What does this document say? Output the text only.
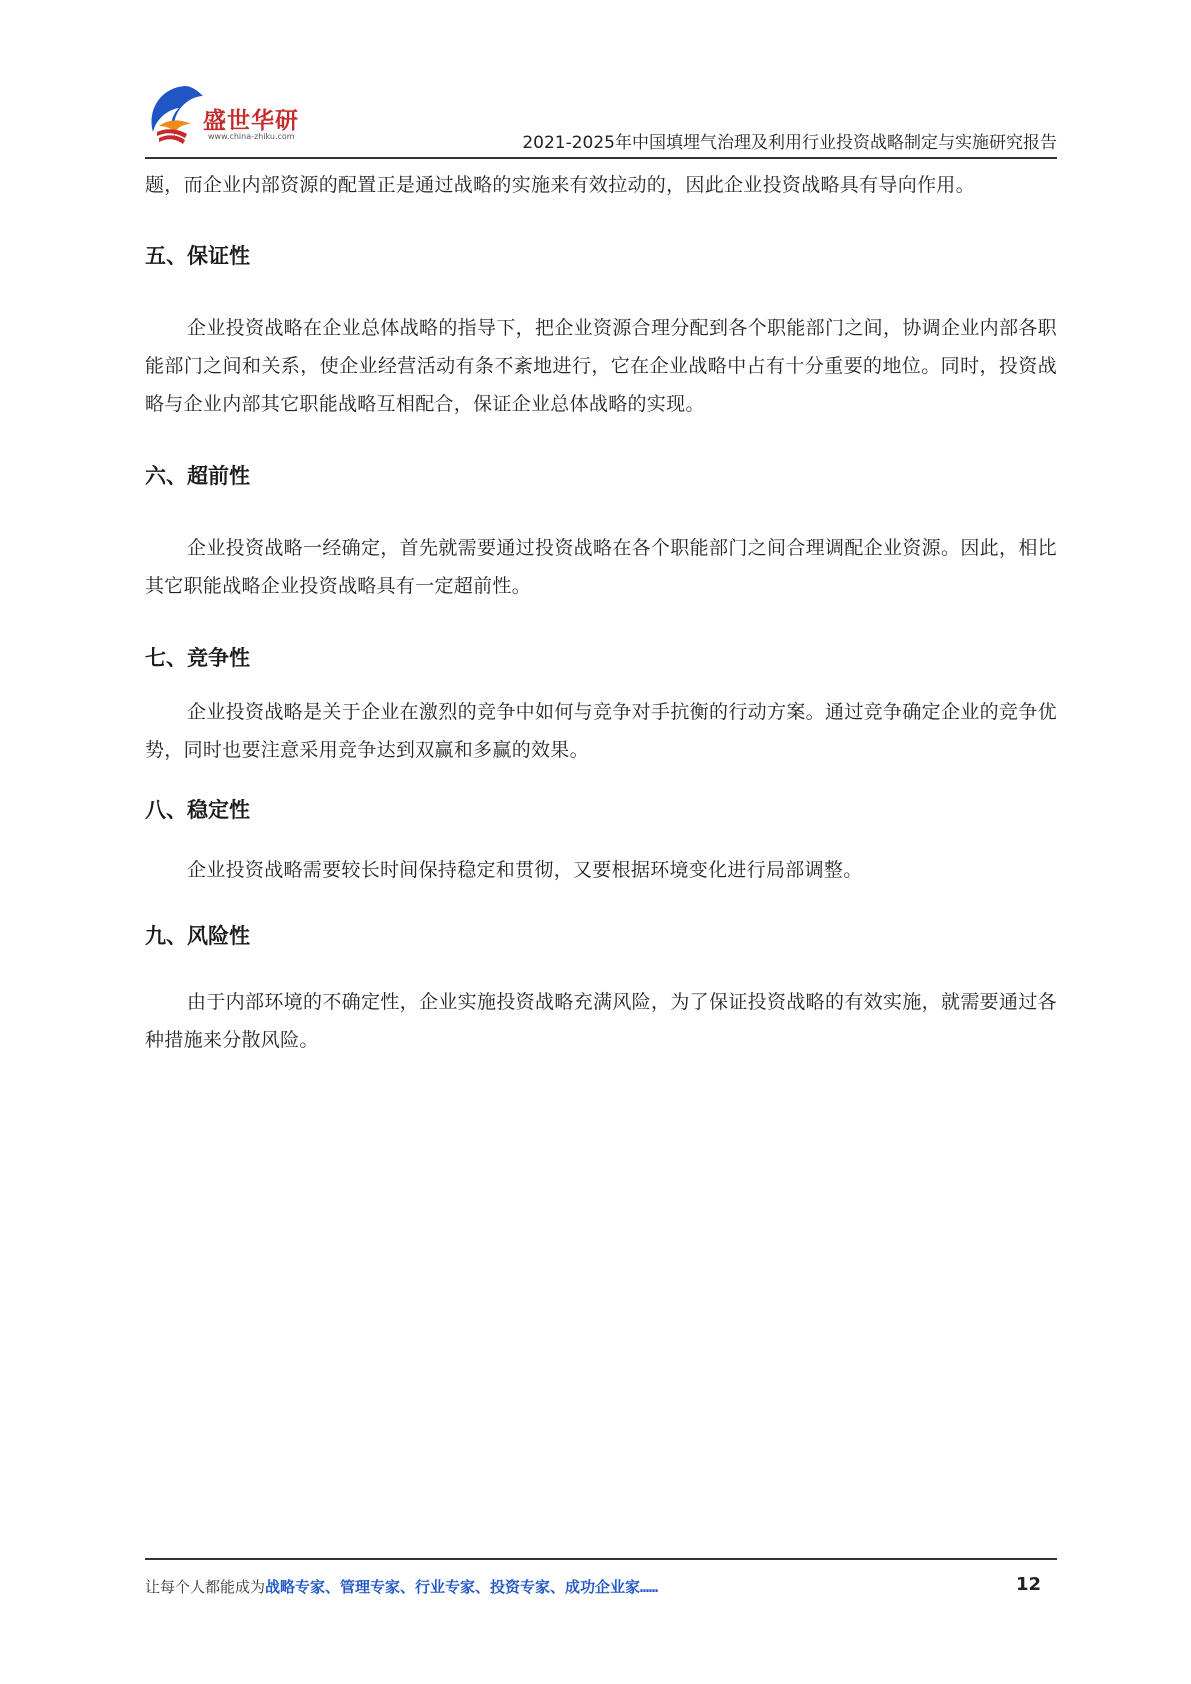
盛世华研
www.china-zhiku.com	2021-2025年中国填埋气治理及利用行业投资战略制定与实施研究报告

题，而企业内部资源的配置正是通过战略的实施来有效拉动的，因此企业投资战略具有导向作用。

五、保证性

企业投资战略在企业总体战略的指导下，把企业资源合理分配到各个职能部门之间，协调企业内部各职能部门之间和关系，使企业经营活动有条不紊地进行，它在企业战略中占有十分重要的地位。同时，投资战略与企业内部其它职能战略互相配合，保证企业总体战略的实现。

六、超前性

企业投资战略一经确定，首先就需要通过投资战略在各个职能部门之间合理调配企业资源。因此，相比其它职能战略企业投资战略具有一定超前性。

七、竞争性

企业投资战略是关于企业在激烈的竞争中如何与竞争对手抗衡的行动方案。通过竞争确定企业的竞争优势，同时也要注意采用竞争达到双赢和多赢的效果。

八、稳定性

企业投资战略需要较长时间保持稳定和贯彻，又要根据环境变化进行局部调整。

九、风险性

由于内部环境的不确定性，企业实施投资战略充满风险，为了保证投资战略的有效实施，就需要通过各种措施来分散风险。

让每个人都能成为战略专家、管理专家、行业专家、投资专家、成功企业家……	12
